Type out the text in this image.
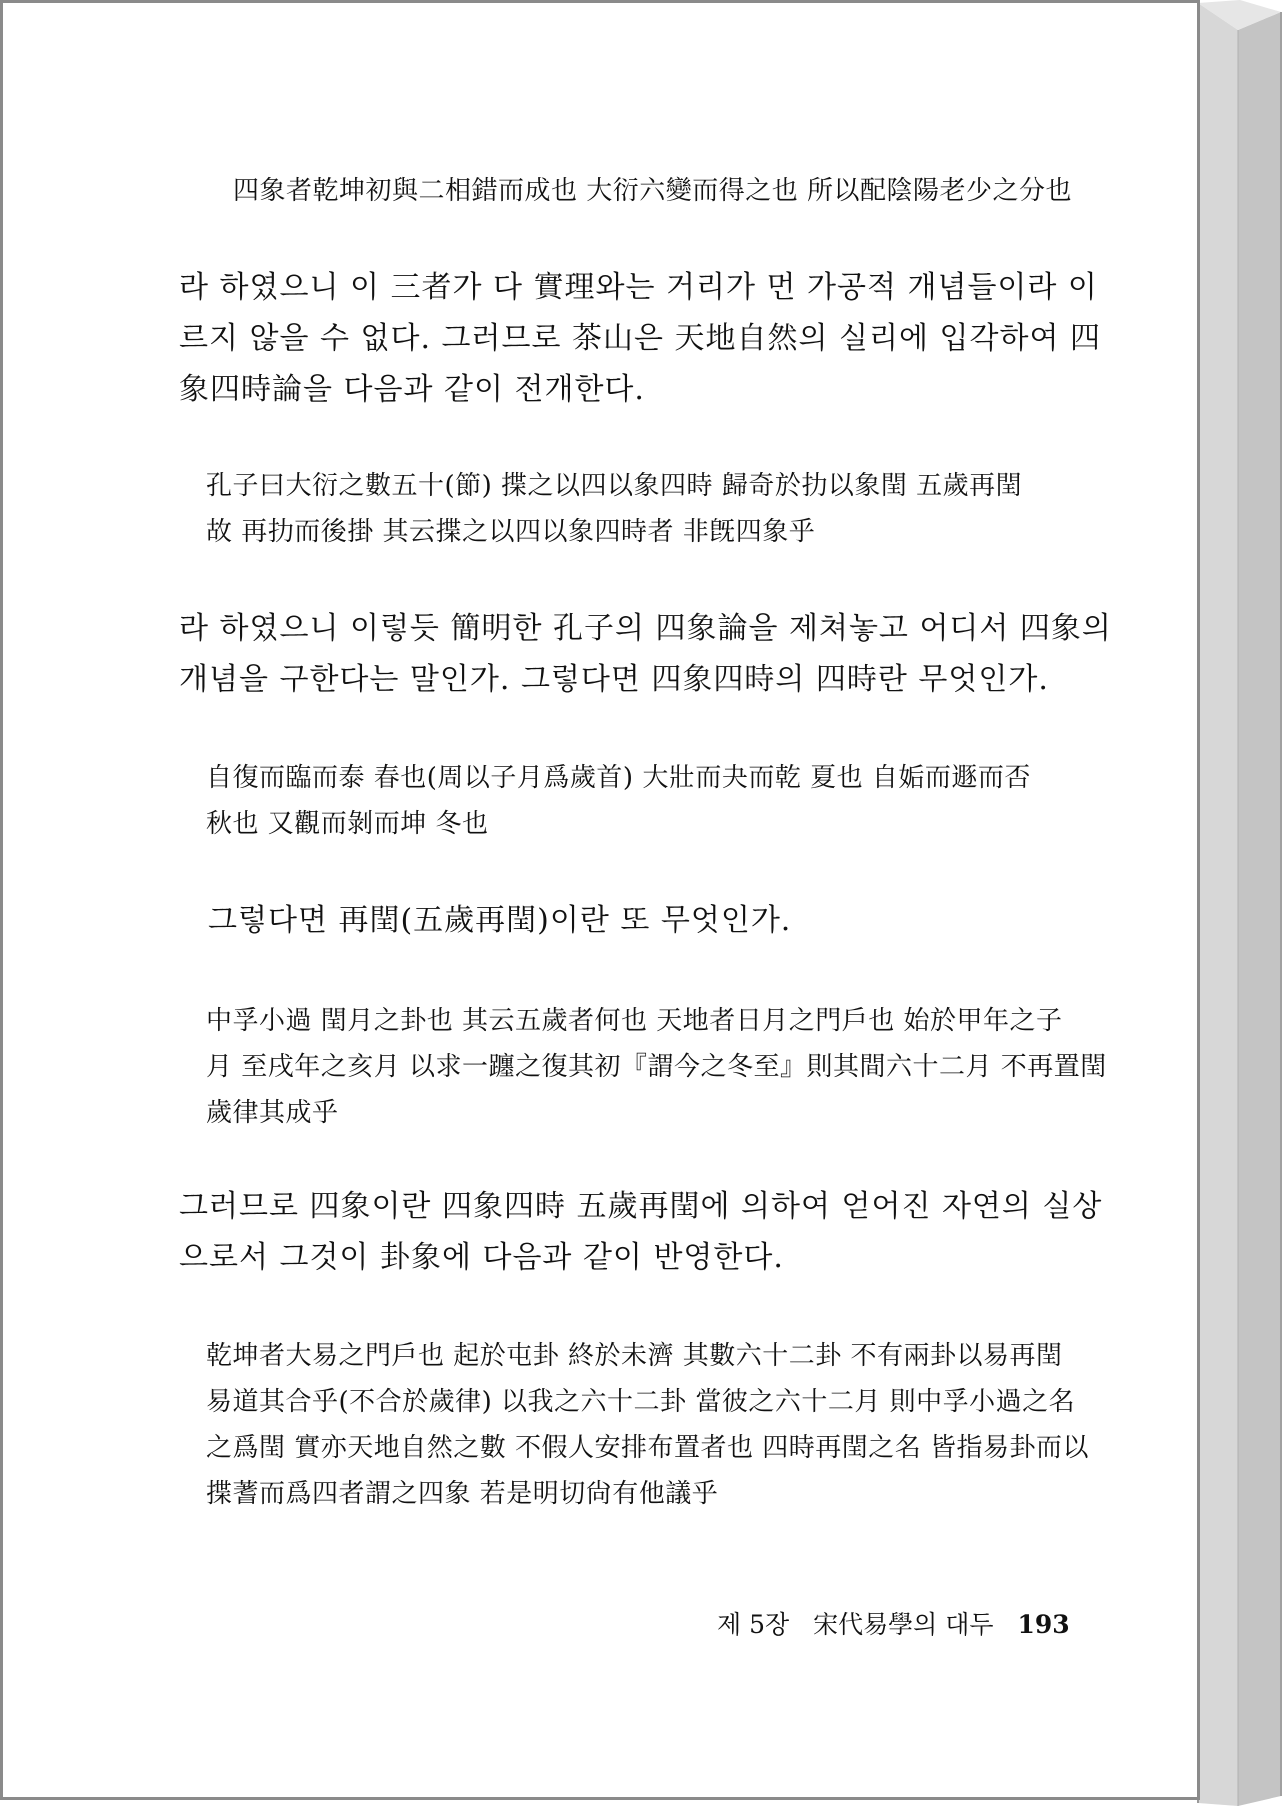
四象者乾坤初與二相錯而成也 大衍六變而得之也 所以配陰陽老少之分也
라 하였으니 이 三者가 다 實理와는 거리가 먼 가공적 개념들이라 이
르지 않을 수 없다. 그러므로 茶山은 天地自然의 실리에 입각하여 四
象四時論을 다음과 같이 전개한다.
孔子曰大衍之數五十(節) 揲之以四以象四時 歸奇於扐以象閏 五歲再閏
故 再扐而後掛 其云揲之以四以象四時者 非旣四象乎
라 하였으니 이렇듯 簡明한 孔子의 四象論을 제쳐놓고 어디서 四象의
개념을 구한다는 말인가. 그렇다면 四象四時의 四時란 무엇인가.
自復而臨而泰 春也(周以子月爲歲首) 大壯而夬而乾 夏也 自姤而遯而否
秋也 又觀而剝而坤 冬也
그렇다면 再閏(五歲再閏)이란 또 무엇인가.
中孚小過 閏月之卦也 其云五歲者何也 天地者日月之門戶也 始於甲年之子
月 至戌年之亥月 以求一躔之復其初『謂今之冬至』則其間六十二月 不再置閏
歲律其成乎
그러므로 四象이란 四象四時 五歲再閏에 의하여 얻어진 자연의 실상
으로서 그것이 卦象에 다음과 같이 반영한다.
乾坤者大易之門戶也 起於屯卦 終於未濟 其數六十二卦 不有兩卦以易再閏
易道其合乎(不合於歲律) 以我之六十二卦 當彼之六十二月 則中孚小過之名
之爲閏 實亦天地自然之數 不假人安排布置者也 四時再閏之名 皆指易卦而以
揲蓍而爲四者謂之四象 若是明切尙有他議乎
제 5장 宋代易學의 대두 193
